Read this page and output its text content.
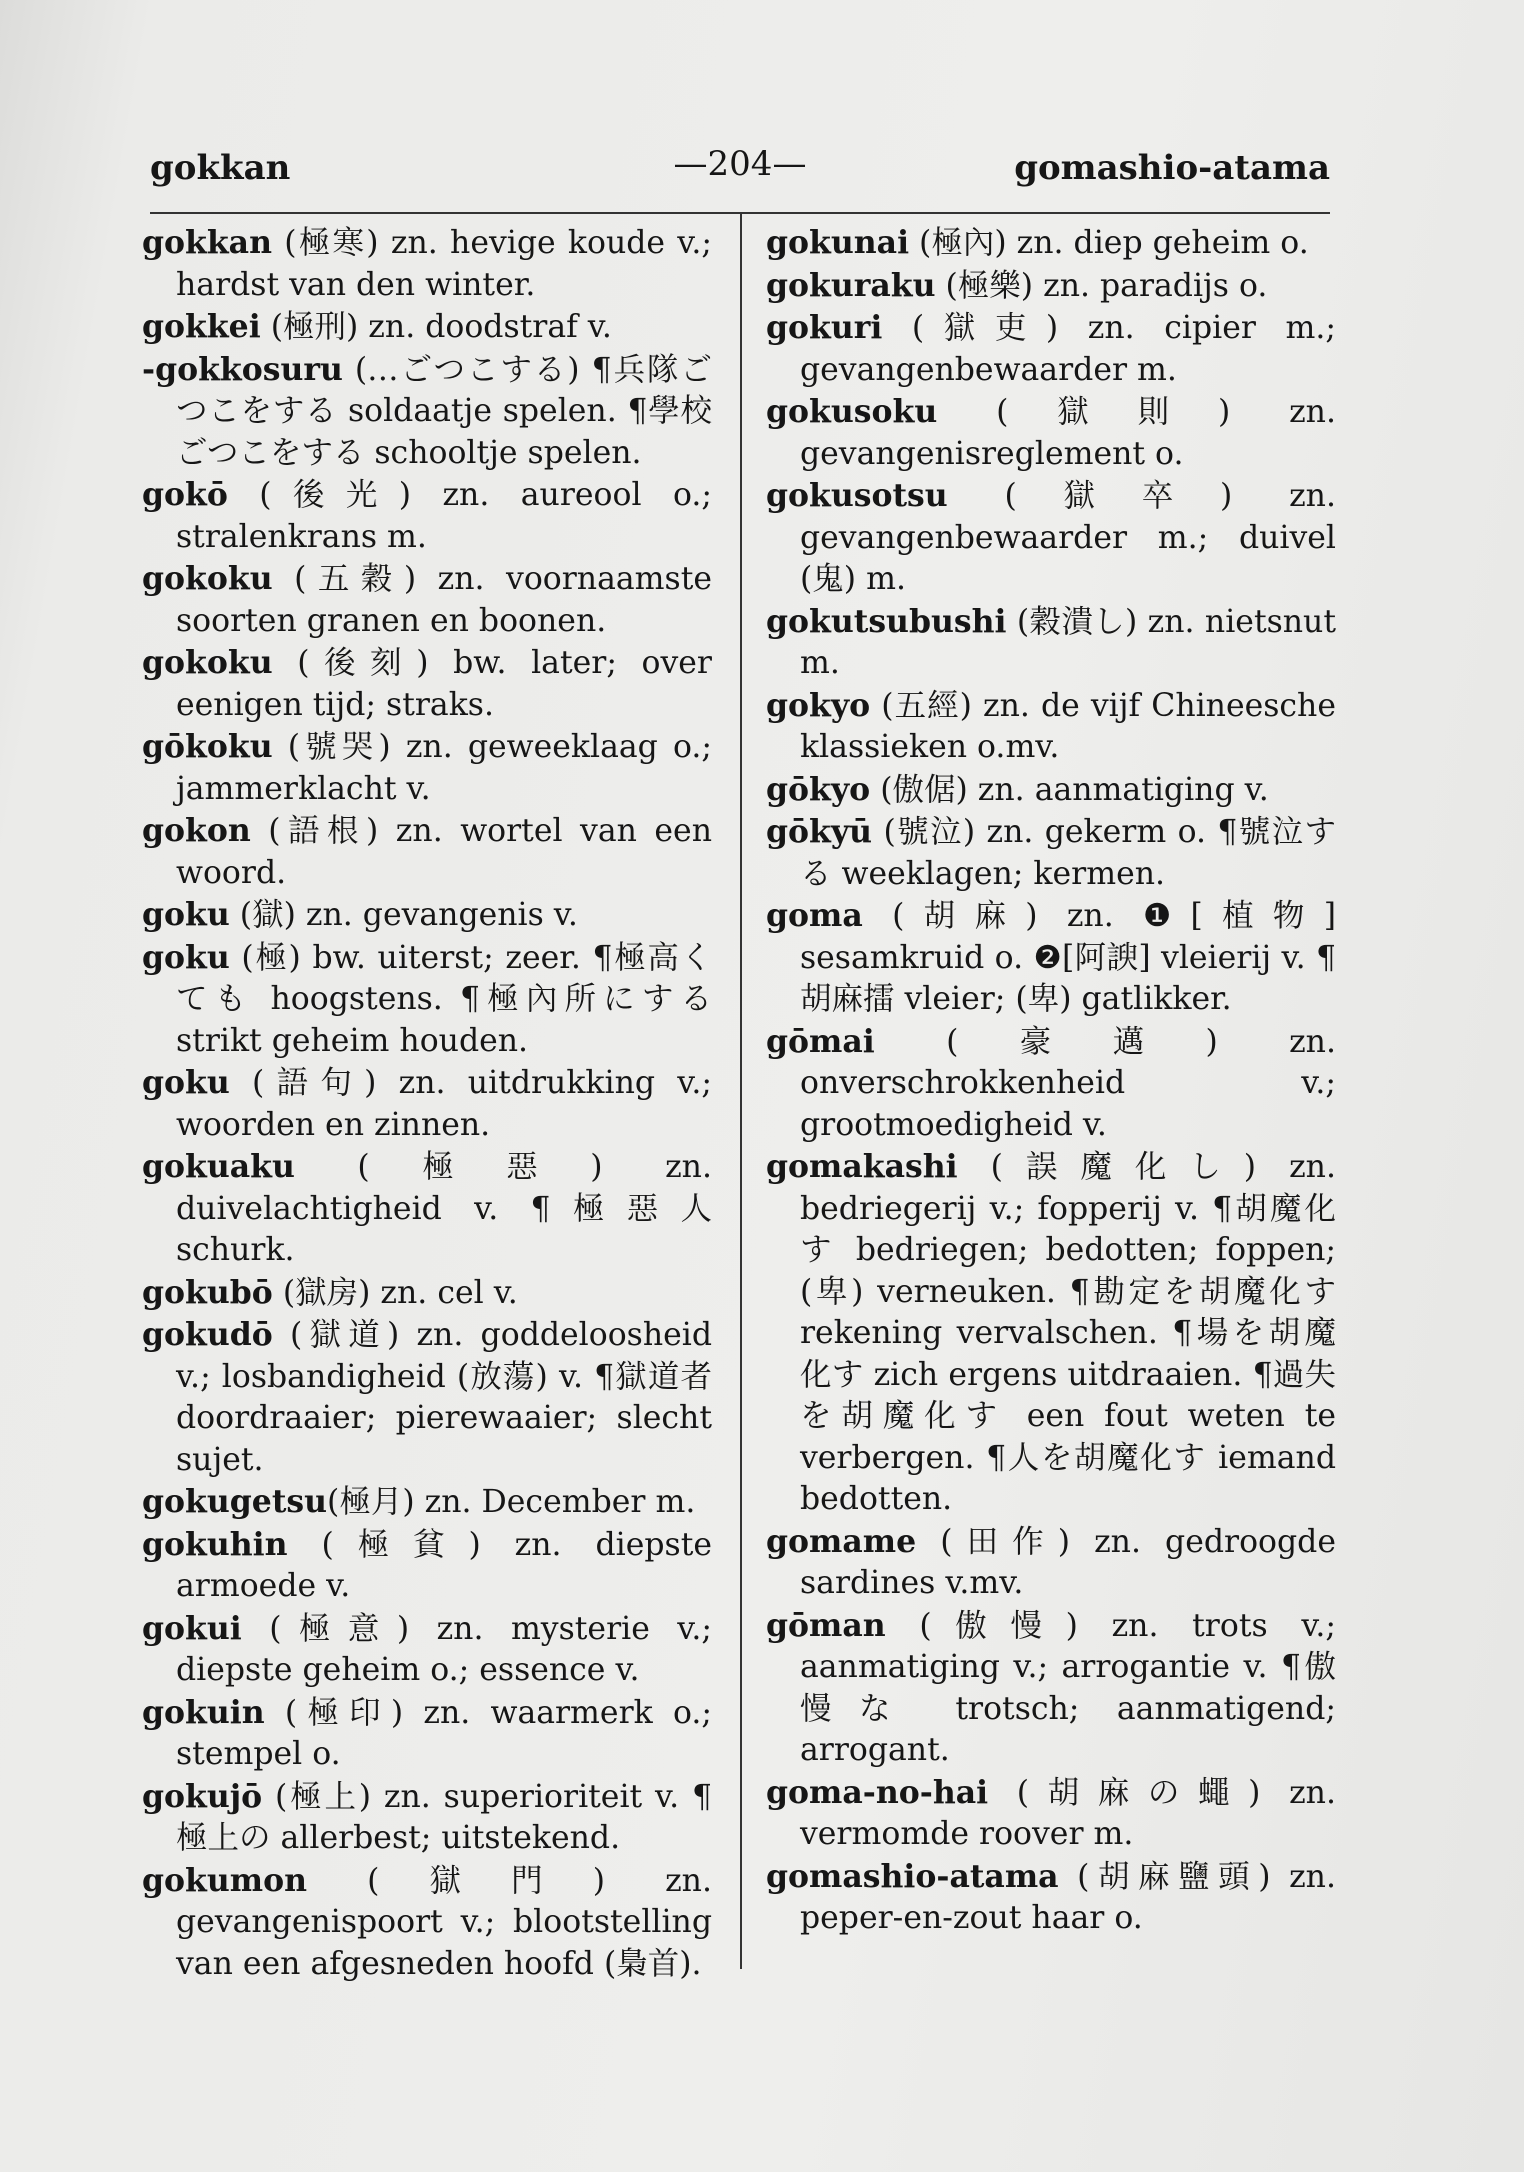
gokkan	—204—	gomashio-atama

gokkan (極寒) zn. hevige koude v.; hardst van den winter.

gokkei (極刑) zn. doodstraf v.

-gokkosuru (…ごつこする) ¶兵隊ごつこをする soldaatje spelen. ¶學校ごつこをする schooltje spelen.

gokō (後光) zn. aureool o.; stralenkrans m.

gokoku (五穀) zn. voornaamste soorten granen en boonen.

gokoku (後刻) bw. later; over eenigen tijd; straks.

gōkoku (號哭) zn. geweeklaag o.; jammerklacht v.

gokon (語根) zn. wortel van een woord.

goku (獄) zn. gevangenis v.

goku (極) bw. uiterst; zeer. ¶極高くても hoogstens. ¶極內所にする strikt geheim houden.

goku (語句) zn. uitdrukking v.; woorden en zinnen.

gokuaku (極惡) zn. duivelachtigheid v. ¶極惡人 schurk.

gokubō (獄房) zn. cel v.

gokudō (獄道) zn. goddeloosheid v.; losbandigheid (放蕩) v. ¶獄道者 doordraaier; pierewaaier; slecht sujet.

gokugetsu(極月) zn. December m.

gokuhin (極貧) zn. diepste armoede v.

gokui (極意) zn. mysterie v.; diepste geheim o.; essence v.

gokuin (極印) zn. waarmerk o.; stempel o.

gokujō (極上) zn. superioriteit v. ¶極上の allerbest; uitstekend.

gokumon (獄門) zn. gevangenispoort v.; blootstelling van een afgesneden hoofd (梟首).

gokunai (極內) zn. diep geheim o.

gokuraku (極樂) zn. paradijs o.

gokuri (獄吏) zn. cipier m.; gevangenbewaarder m.

gokusoku (獄則) zn. gevangenisreglement o.

gokusotsu (獄卒) zn. gevangenbewaarder m.; duivel (鬼) m.

gokutsubushi (穀潰し) zn. nietsnut m.

gokyo (五經) zn. de vijf Chineesche klassieken o.mv.

gōkyo (傲倨) zn. aanmatiging v.

gōkyū (號泣) zn. gekerm o. ¶號泣する weeklagen; kermen.

goma (胡麻) zn. ❶[植物] sesamkruid o. ❷[阿諛] vleierij v. ¶胡麻擂 vleier; (卑) gatlikker.

gōmai (豪邁) zn. onverschrokkenheid v.; grootmoedigheid v.

gomakashi (誤魔化し) zn. bedriegerij v.; fopperij v. ¶胡魔化す bedriegen; bedotten; foppen; (卑) verneuken. ¶勘定を胡魔化す rekening vervalschen. ¶場を胡魔化す zich ergens uitdraaien. ¶過失を胡魔化す een fout weten te verbergen. ¶人を胡魔化す iemand bedotten.

gomame (田作) zn. gedroogde sardines v.mv.

gōman (傲慢) zn. trots v.; aanmatiging v.; arrogantie v. ¶傲慢な trotsch; aanmatigend; arrogant.

goma-no-hai (胡麻の蠅) zn. vermomde roover m.

gomashio-atama (胡麻鹽頭) zn. peper-en-zout haar o.
